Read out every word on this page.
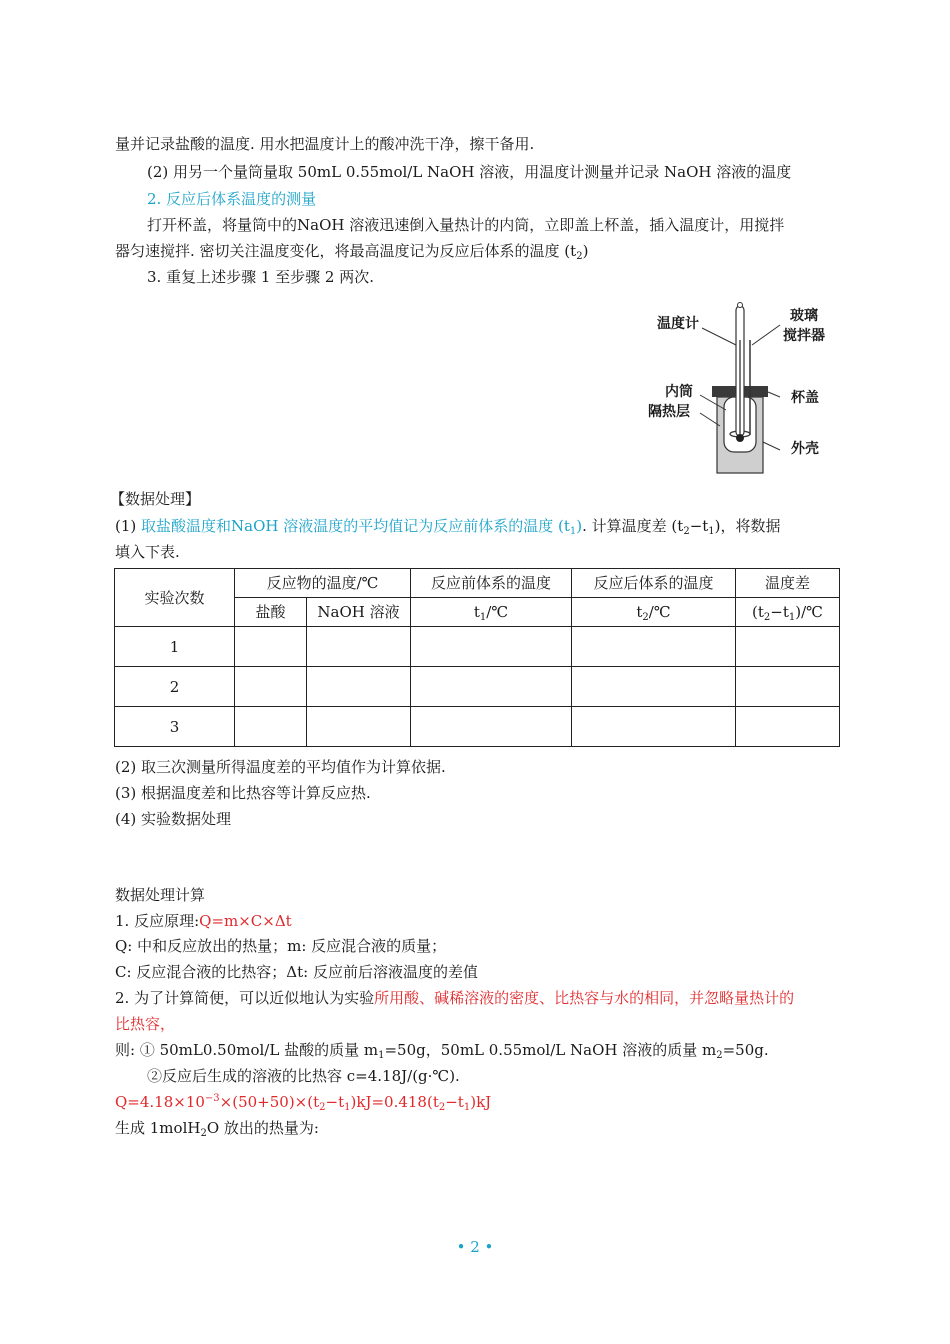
量并记录盐酸的温度. 用水把温度计上的酸冲洗干净，擦干备用.
(2) 用另一个量筒量取 50mL 0.55mol/L NaOH 溶液，用温度计测量并记录 NaOH 溶液的温度
2. 反应后体系温度的测量
打开杯盖，将量筒中的NaOH 溶液迅速倒入量热计的内筒，立即盖上杯盖，插入温度计，用搅拌
器匀速搅拌. 密切关注温度变化，将最高温度记为反应后体系的温度 $(t_2)$
3. 重复上述步骤 1 至步骤 2 两次.
温度计	玻璃
搅拌器
内筒
隔热层
杯盖
外壳
【数据处理】
(1) 取盐酸温度和NaOH 溶液温度的平均值记为反应前体系的温度 $(t_1)$. 计算温度差 $(t_2-t_1)$，将数据
填入下表.
实验次数	反应物的温度/℃		反应前体系的温度	反应后体系的温度	温度差
	盐酸	NaOH 溶液	$t_1/℃$	$t_2/℃$	$(t_2-t_1)/℃$
1					
2					
3					
(2) 取三次测量所得温度差的平均值作为计算依据.
(3) 根据温度差和比热容等计算反应热.
(4) 实验数据处理
数据处理计算
1. 反应原理:Q=m×C×Δt
Q: 中和反应放出的热量；m: 反应混合液的质量；
C: 反应混合液的比热容；Δt: 反应前后溶液温度的差值
2. 为了计算简便，可以近似地认为实验所用酸、碱稀溶液的密度、比热容与水的相同，并忽略量热计的
比热容，
则: ① 50mL0.50mol/L 盐酸的质量 $m_1=50g$，50mL 0.55mol/L NaOH 溶液的质量 $m_2=50g$.
②反应后生成的溶液的比热容 c=4.18J/(g·℃).
$Q=4.18\times 10^{-3}\times(50+50)\times(t_2-t_1)kJ=0.418(t_2-t_1)kJ$
生成 1molH$_2$O 放出的热量为:
• 2 •
